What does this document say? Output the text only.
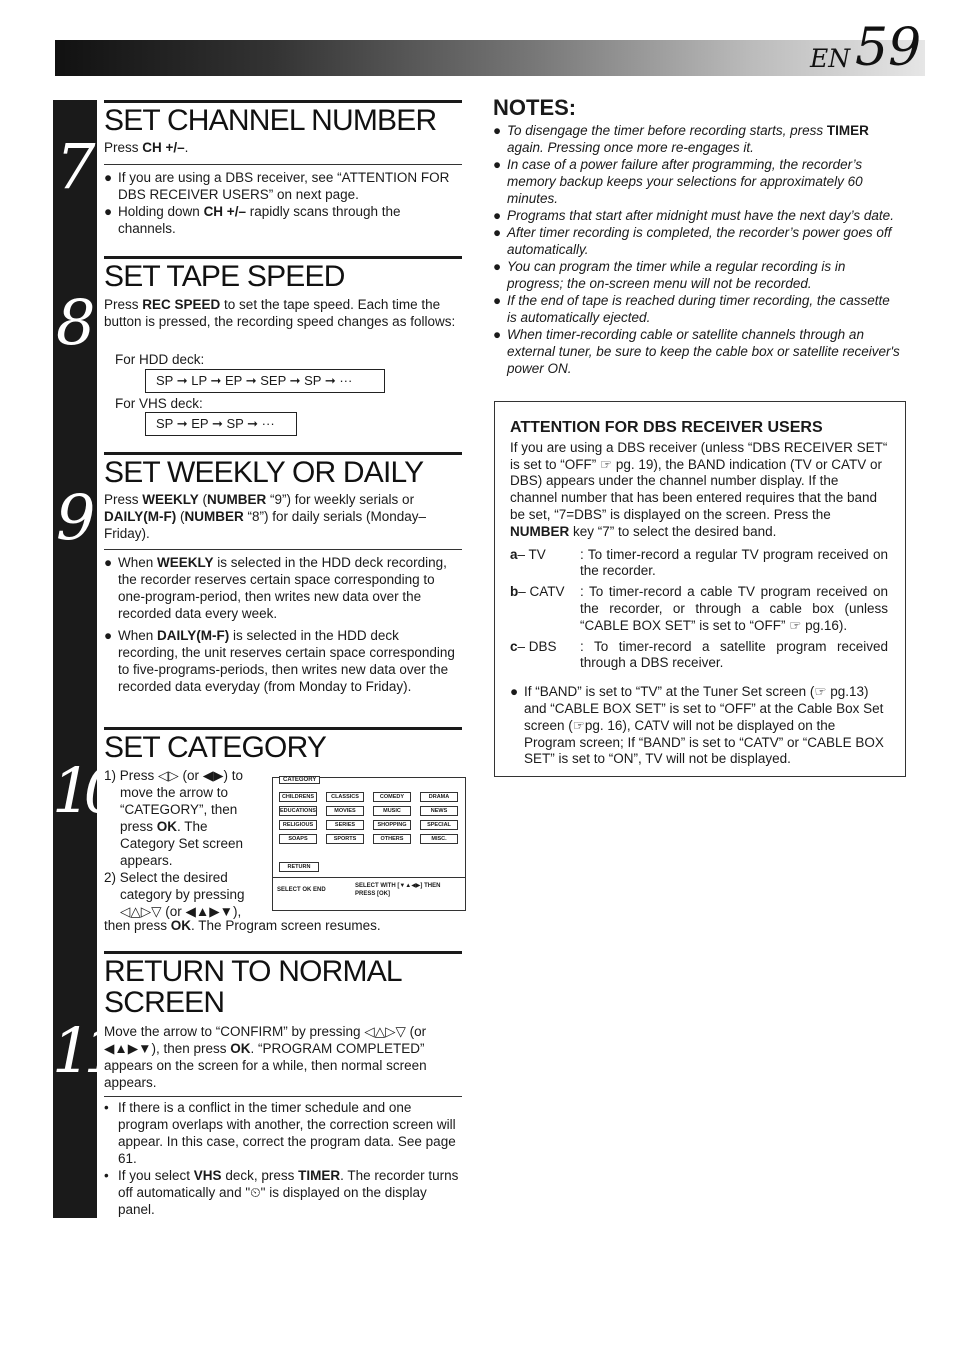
EN 59
7
8
9
10
11
SET CHANNEL NUMBER
Press CH +/–.
● If you are using a DBS receiver, see “ATTENTION FOR DBS RECEIVER USERS” on next page.
● Holding down CH +/– rapidly scans through the channels.
SET TAPE SPEED
Press REC SPEED to set the tape speed. Each time the button is pressed, the recording speed changes as follows:
For HDD deck:
SP ➞ LP ➞ EP ➞ SEP ➞ SP ➞ ···
For VHS deck:
SP ➞ EP ➞ SP ➞ ···
SET WEEKLY OR DAILY
Press WEEKLY (NUMBER “9”) for weekly serials or DAILY(M-F) (NUMBER “8”) for daily serials (Monday–Friday).
● When WEEKLY is selected in the HDD deck recording, the recorder reserves certain space corresponding to one-program-period, then writes new data over the recorded data every week.
● When DAILY(M-F) is selected in the HDD deck recording, the unit reserves certain space corresponding to five-programs-periods, then writes new data over the recorded data everyday (from Monday to Friday).
SET CATEGORY
1) Press ◁▷ (or ◀▶) to move the arrow to “CATEGORY”, then press OK. The Category Set screen appears.
2) Select the desired category by pressing ◁△▷▽ (or ◀▲▶▼),
then press OK. The Program screen resumes.
CATEGORY
CHILDRENS	CLASSICS	COMEDY	DRAMA
EDUCATIONS	MOVIES	MUSIC	NEWS
RELIGIOUS	SERIES	SHOPPING	SPECIAL
SOAPS	SPORTS	OTHERS	MISC.
RETURN
SELECT OK END
SELECT WITH [▼▲◀▶] THEN PRESS [OK]
RETURN TO NORMAL
SCREEN
Move the arrow to “CONFIRM” by pressing ◁△▷▽ (or ◀▲▶▼), then press OK. “PROGRAM COMPLETED” appears on the screen for a while, then normal screen appears.
• If there is a conflict in the timer schedule and one program overlaps with another, the correction screen will appear. In this case, correct the program data. See page 61.
• If you select VHS deck, press TIMER. The recorder turns off automatically and "⏲" is displayed on the display panel.
NOTES:
● To disengage the timer before recording starts, press TIMER again. Pressing once more re-engages it.
● In case of a power failure after programming, the recorder’s memory backup keeps your selections for approximately 60 minutes.
● Programs that start after midnight must have the next day’s date.
● After timer recording is completed, the recorder’s power goes off automatically.
● You can program the timer while a regular recording is in progress; the on-screen menu will not be recorded.
● If the end of tape is reached during timer recording, the cassette is automatically ejected.
● When timer-recording cable or satellite channels through an external tuner, be sure to keep the cable box or satellite receiver's power ON.
ATTENTION FOR DBS RECEIVER USERS
If you are using a DBS receiver (unless “DBS RECEIVER SET“ is set to “OFF” ☞ pg. 19), the BAND indication (TV or CATV or DBS) appears under the channel number display. If the channel number that has been entered requires that the band be set, “7=DBS” is displayed on the screen. Press the NUMBER key “7” to select the desired band.
a– TV	: To timer-record a regular TV program received on the recorder.
b– CATV : To timer-record a cable TV program received on the recorder, or through a cable box (unless “CABLE BOX SET” is set to “OFF” ☞ pg.16).
c– DBS : To timer-record a satellite program received through a DBS receiver.
● If “BAND” is set to “TV” at the Tuner Set screen (☞ pg.13) and “CABLE BOX SET” is set to “OFF” at the Cable Box Set screen (☞pg. 16), CATV will not be displayed on the Program screen; If “BAND” is set to “CATV” or “CABLE BOX SET” is set to “ON”, TV will not be displayed.
